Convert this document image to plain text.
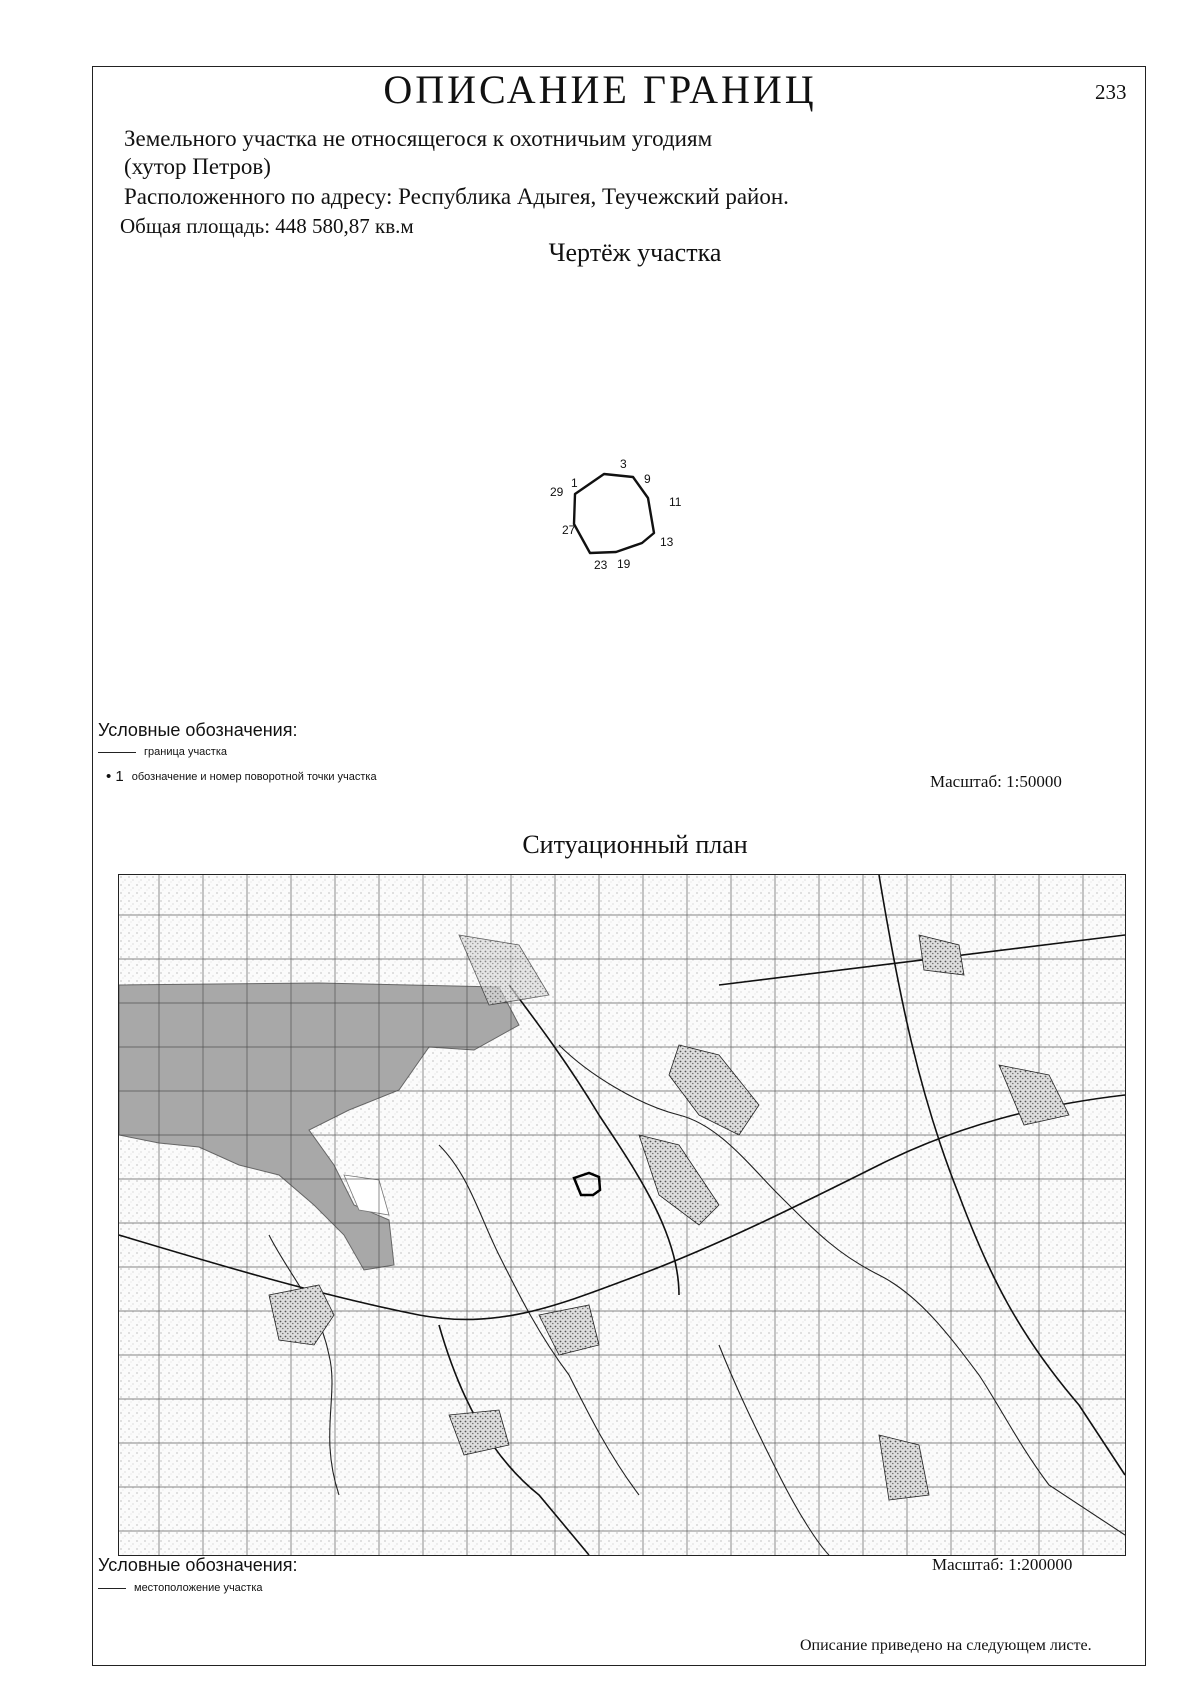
ОПИСАНИЕ ГРАНИЦ	233
Земельного участка не относящегося к охотничьим угодиям
(хутор Петров)
Расположенного по адресу: Республика Адыгея, Теучежский район.
Общая площадь: 448 580,87 кв.м
Чертёж участка
1
3
9
11
13
19
23
27
29
Условные обозначения:
граница участка
• 1 обозначение и номер поворотной точки участка	Масштаб: 1:50000
Ситуационный план
Условные обозначения:
местоположение участка
Масштаб: 1:200000
Описание приведено на следующем листе.
